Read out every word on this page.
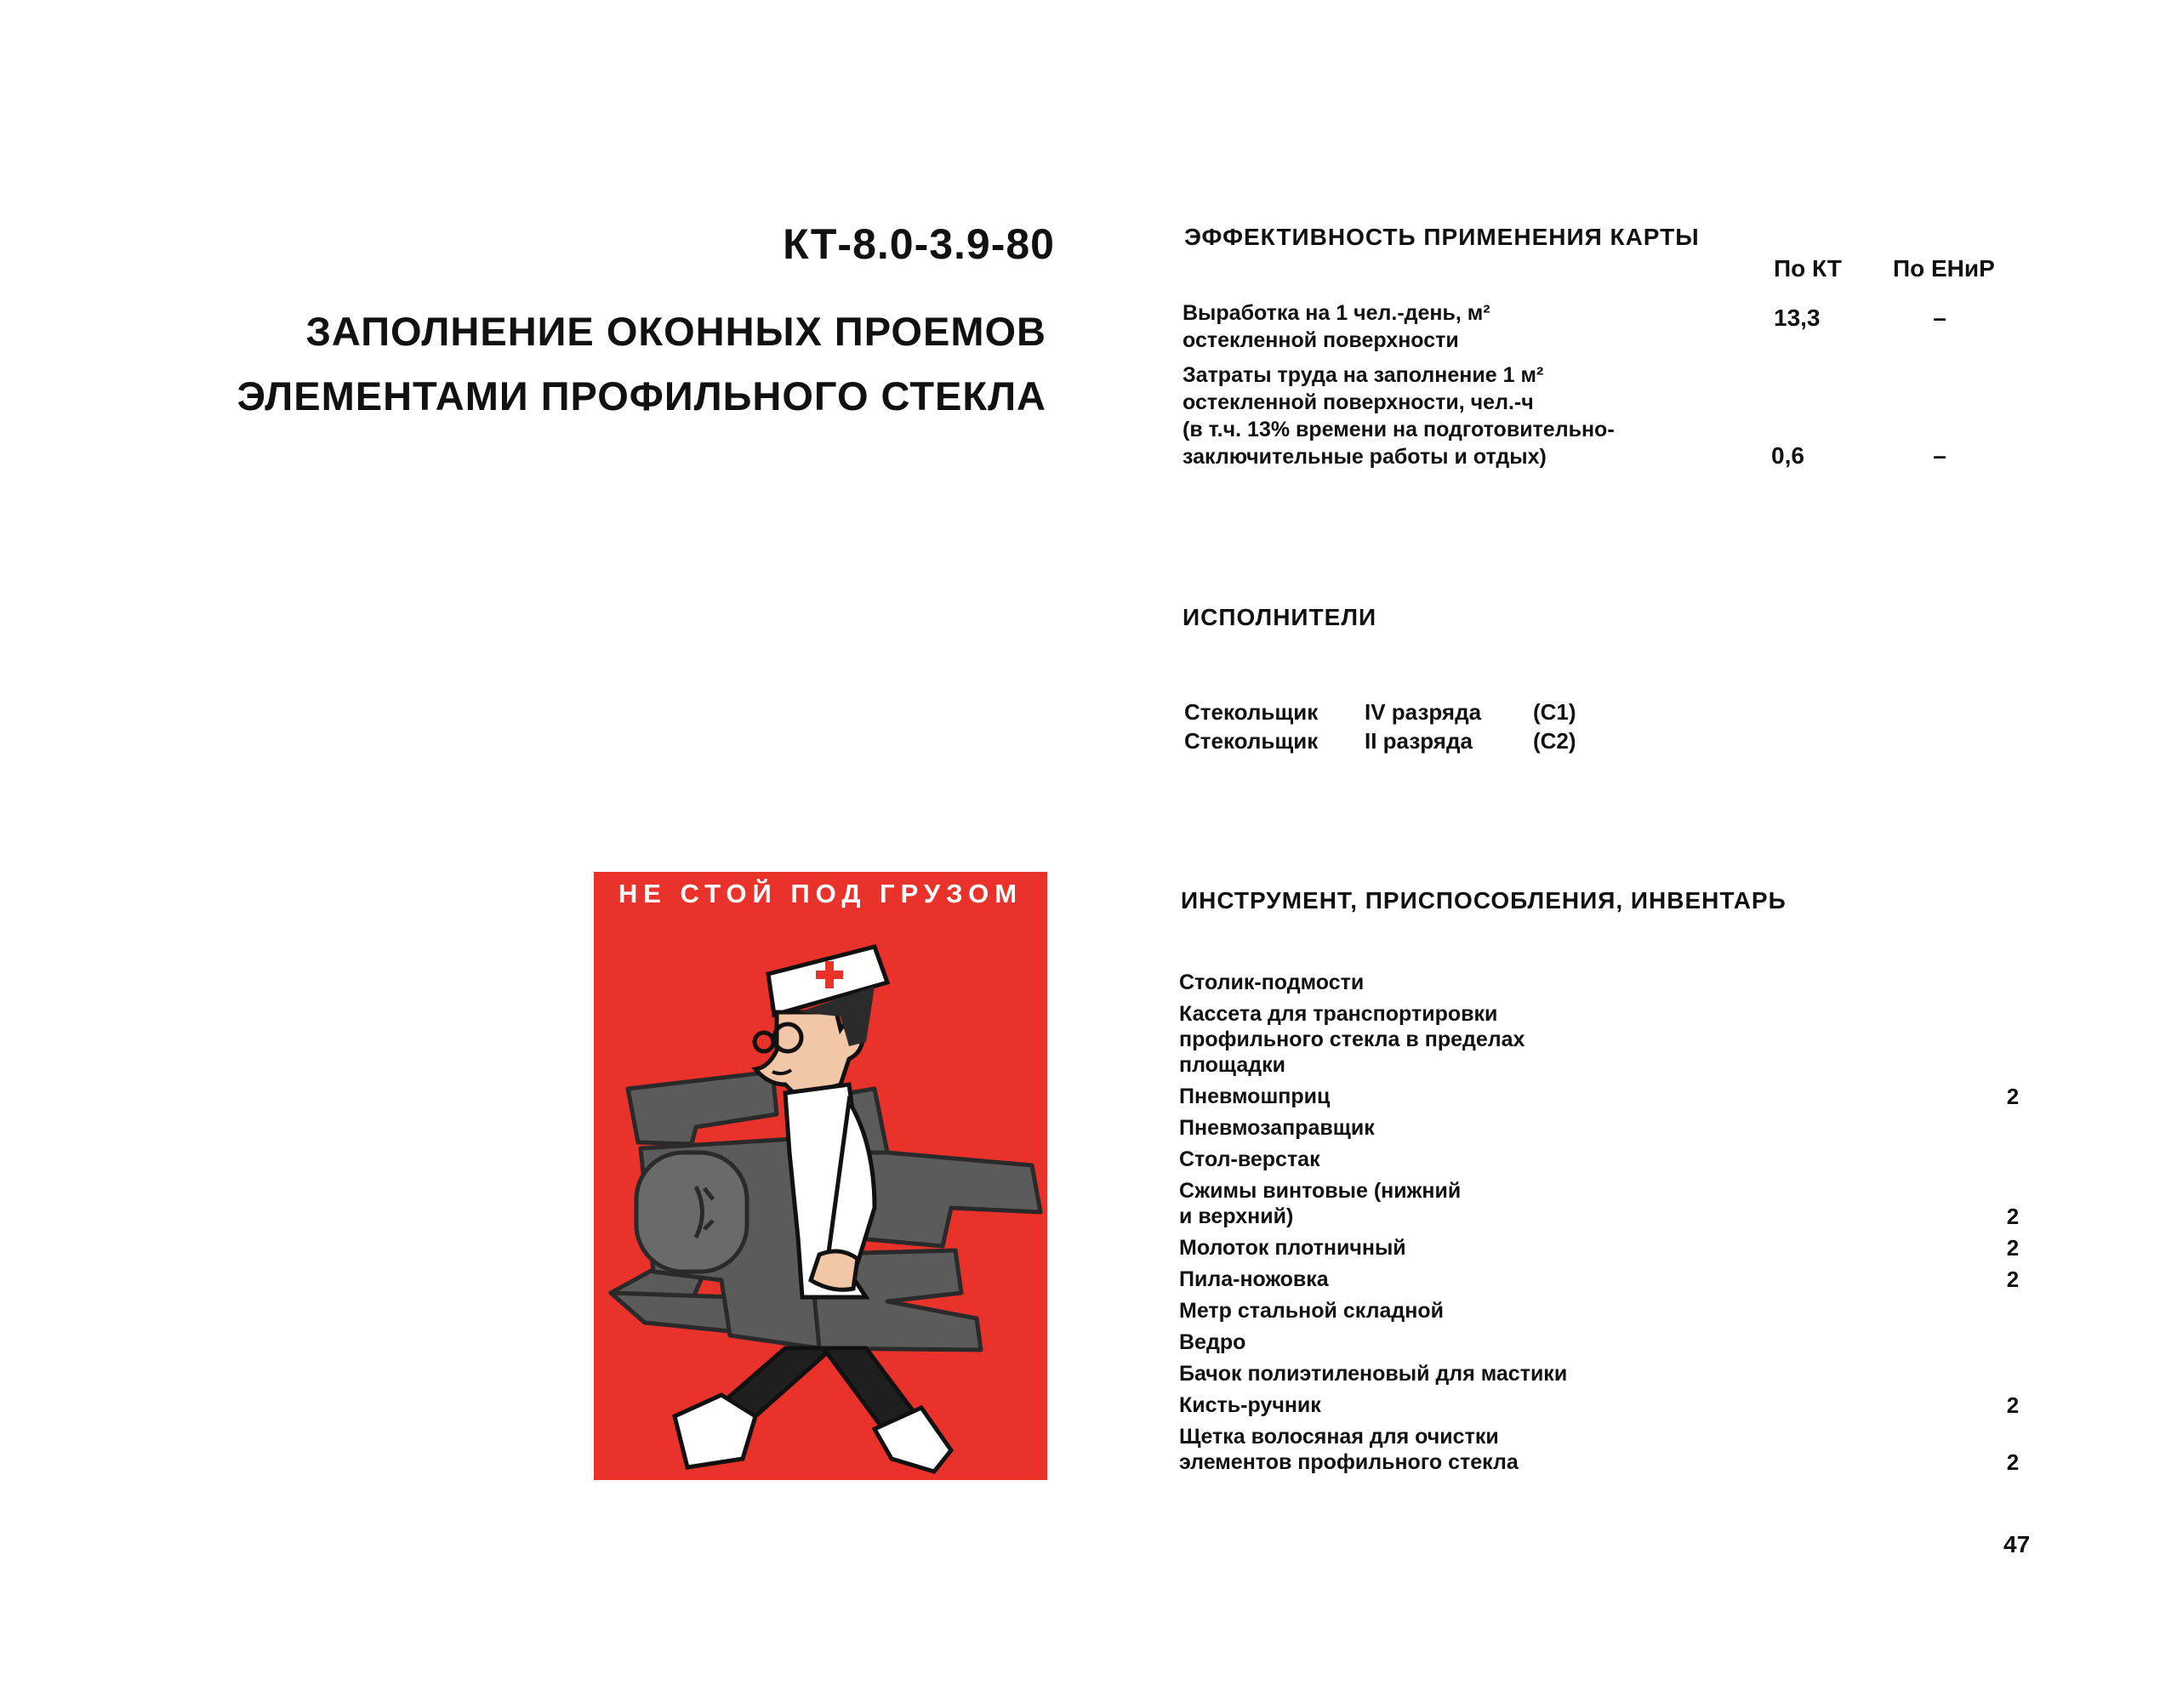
КТ-8.0-3.9-80
ЗАПОЛНЕНИЕ ОКОННЫХ ПРОЕМОВ
ЭЛЕМЕНТАМИ ПРОФИЛЬНОГО СТЕКЛА
ЭФФЕКТИВНОСТЬ ПРИМЕНЕНИЯ КАРТЫ
По КТ По ЕНиР
Выработка на 1 чел.-день, м²
остекленной поверхности
13,3	–
Затраты труда на заполнение 1 м²
остекленной поверхности, чел.-ч
(в т.ч. 13% времени на подготовительно-
заключительные работы и отдых)	0,6	–
ИСПОЛНИТЕЛИ
Стекольщик IV разряда (С1)
Стекольщик II разряда	(С2)
ИНСТРУМЕНТ, ПРИСПОСОБЛЕНИЯ, ИНВЕНТАРЬ
Столик-подмости
Кассета для транспортировки
профильного стекла в пределах
площадки
Пневмошприц	2
Пневмозаправщик
Стол-верстак
Сжимы винтовые (нижний
и верхний)	2
Молоток плотничный	2
Пила-ножовка	2
Метр стальной складной
Ведро
Бачок полиэтиленовый для мастики
Кисть-ручник	2
Щетка волосяная для очистки
элементов профильного стекла	2
НЕ СТОЙ ПОД ГРУЗОМ
47
